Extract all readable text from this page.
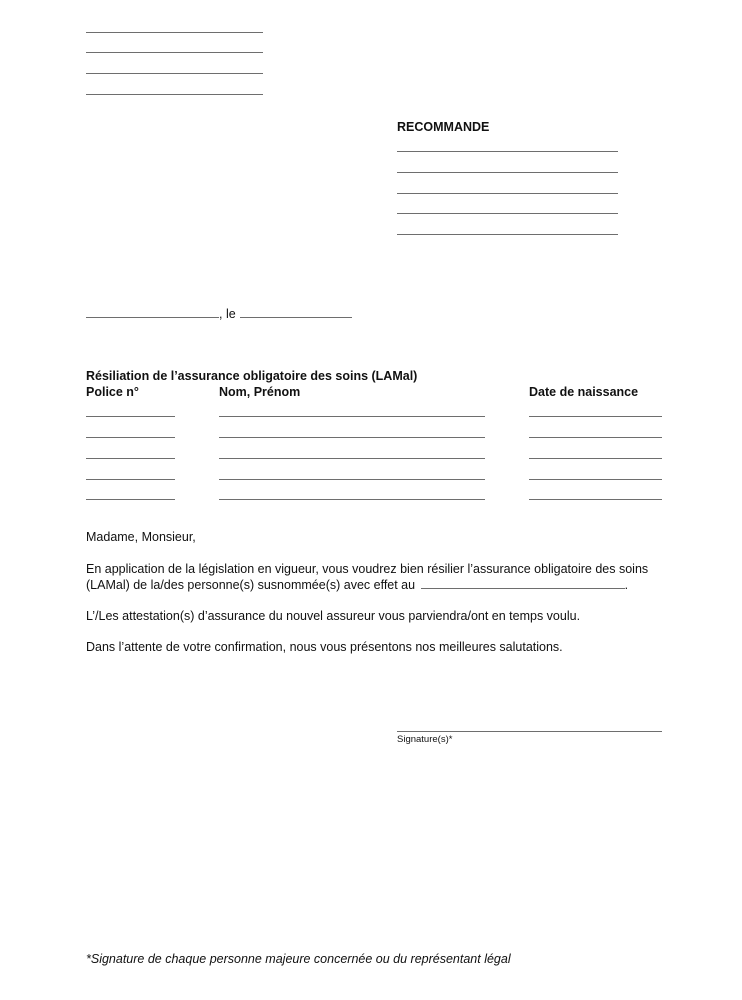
RECOMMANDE
, le
Résiliation de l’assurance obligatoire des soins (LAMal)
Police n°	Nom, Prénom	Date de naissance
Madame, Monsieur,
En application de la législation en vigueur, vous voudrez bien résilier l’assurance obligatoire des soins
(LAMal) de la/des personne(s) susnommée(s) avec effet au	.
L’/Les attestation(s) d’assurance du nouvel assureur vous parviendra/ont en temps voulu.
Dans l’attente de votre confirmation, nous vous présentons nos meilleures salutations.
Signature(s)*
*Signature de chaque personne majeure concernée ou du représentant légal
